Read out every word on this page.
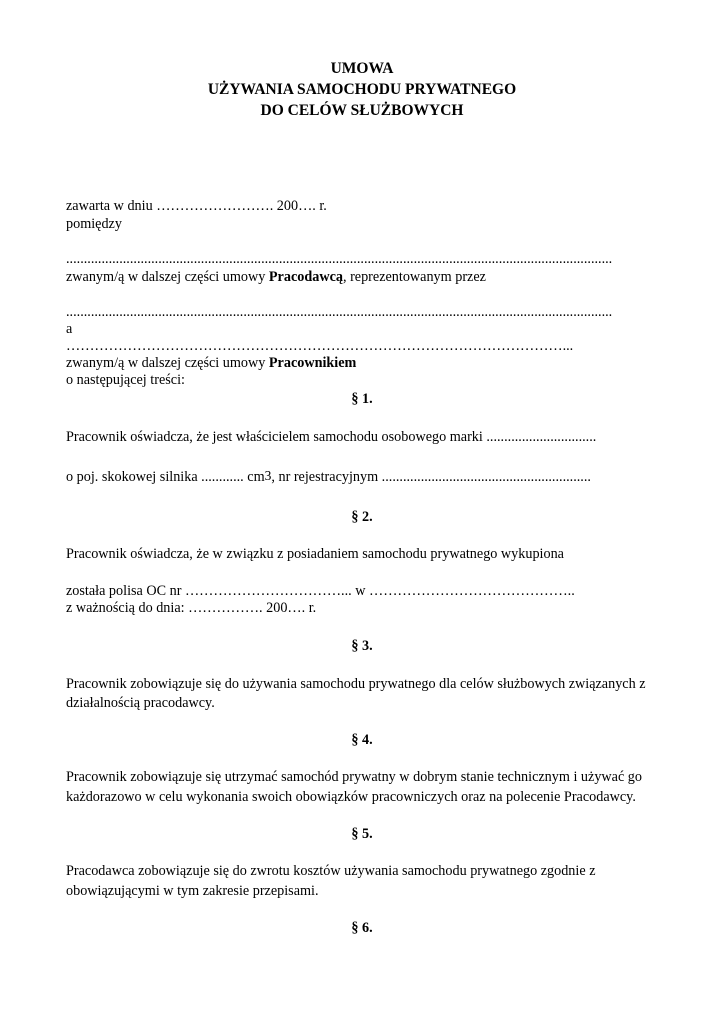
UMOWA
UŻYWANIA SAMOCHODU PRYWATNEGO
DO CELÓW SŁUŻBOWYCH
zawarta w dniu ……………………. 200…. r.
pomiędzy
..........................................................................................................................................................
zwanym/ą w dalszej części umowy Pracodawcą, reprezentowanym przez
..........................................................................................................................................................
a
……………………………………………………………………………………………...
zwanym/ą w dalszej części umowy Pracownikiem
o następującej treści:
§ 1.
Pracownik oświadcza, że jest właścicielem samochodu osobowego marki ...............................
o poj. skokowej silnika ............ cm3, nr rejestracyjnym ...........................................................
§ 2.
Pracownik oświadcza, że w związku z posiadaniem samochodu prywatnego wykupiona
została polisa OC nr ……………………………... w ……………………………………..
z ważnością do dnia: ……………. 200…. r.
§ 3.
Pracownik zobowiązuje się do używania samochodu prywatnego dla celów służbowych związanych z
działalnością pracodawcy.
§ 4.
Pracownik zobowiązuje się utrzymać samochód prywatny w dobrym stanie technicznym i używać go
każdorazowo w celu wykonania swoich obowiązków pracowniczych oraz na polecenie Pracodawcy.
§ 5.
Pracodawca zobowiązuje się do zwrotu kosztów używania samochodu prywatnego zgodnie z
obowiązującymi w tym zakresie przepisami.
§ 6.
